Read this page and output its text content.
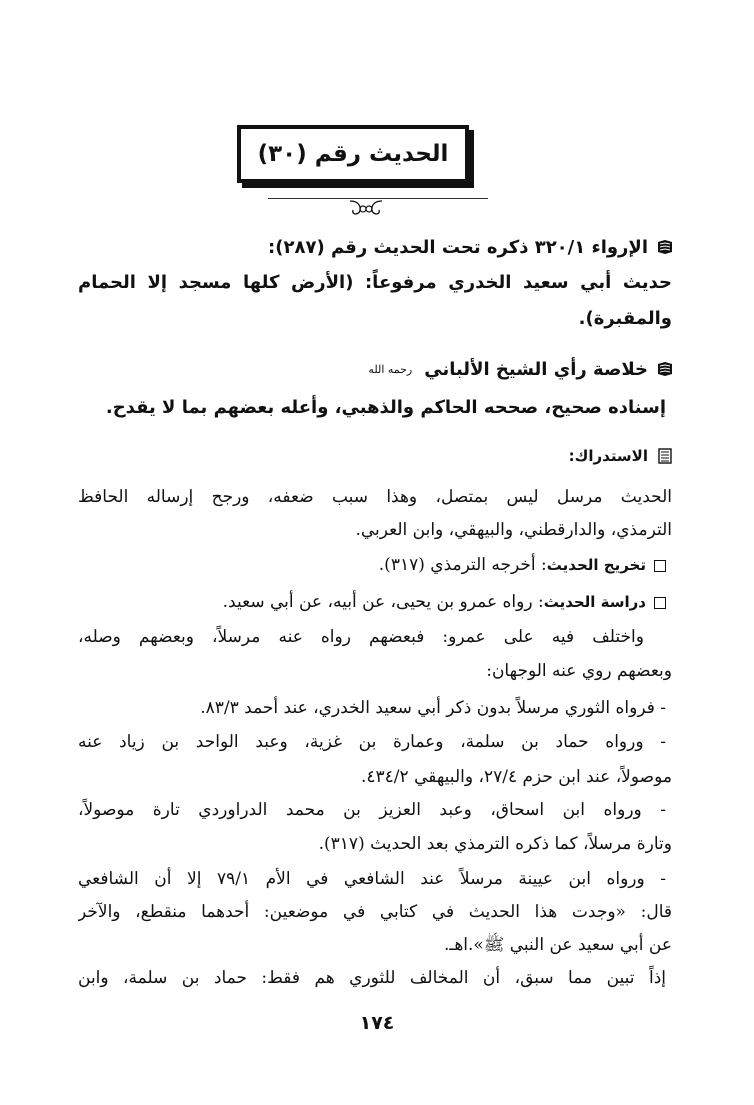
الحديث رقم (٣٠)
الإرواء ٣٢٠/١ ذكره تحت الحديث رقم (٢٨٧):
حديث أبي سعيد الخدري مرفوعاً: (الأرض كلها مسجد إلا الحمام
والمقبرة).
خلاصة رأي الشيخ الألباني
رحمه الله
إسناده صحيح، صححه الحاكم والذهبي، وأعله بعضهم بما لا يقدح.
الاستدراك:
الحديث مرسل ليس بمتصل، وهذا سبب ضعفه، ورجح إرساله الحافظ
الترمذي، والدارقطني، والبيهقي، وابن العربي.
تخريج الحديث: أخرجه الترمذي (٣١٧).
دراسة الحديث: رواه عمرو بن يحيى، عن أبيه، عن أبي سعيد.
واختلف فيه على عمرو: فبعضهم رواه عنه مرسلاً، وبعضهم وصله،
وبعضهم روي عنه الوجهان:
- فرواه الثوري مرسلاً بدون ذكر أبي سعيد الخدري، عند أحمد ٨٣/٣.
- ورواه حماد بن سلمة، وعمارة بن غزية، وعبد الواحد بن زياد عنه
موصولاً، عند ابن حزم ٢٧/٤، والبيهقي ٤٣٤/٢.
- ورواه ابن اسحاق، وعبد العزيز بن محمد الدراوردي تارة موصولاً،
وتارة مرسلاً، كما ذكره الترمذي بعد الحديث (٣١٧).
- ورواه ابن عيينة مرسلاً عند الشافعي في الأم ٧٩/١ إلا أن الشافعي
قال: «وجدت هذا الحديث في كتابي في موضعين: أحدهما منقطع، والآخر
عن أبي سعيد عن النبي ﷺ».اهـ.
إذاً تبين مما سبق، أن المخالف للثوري هم فقط: حماد بن سلمة، وابن
١٧٤
